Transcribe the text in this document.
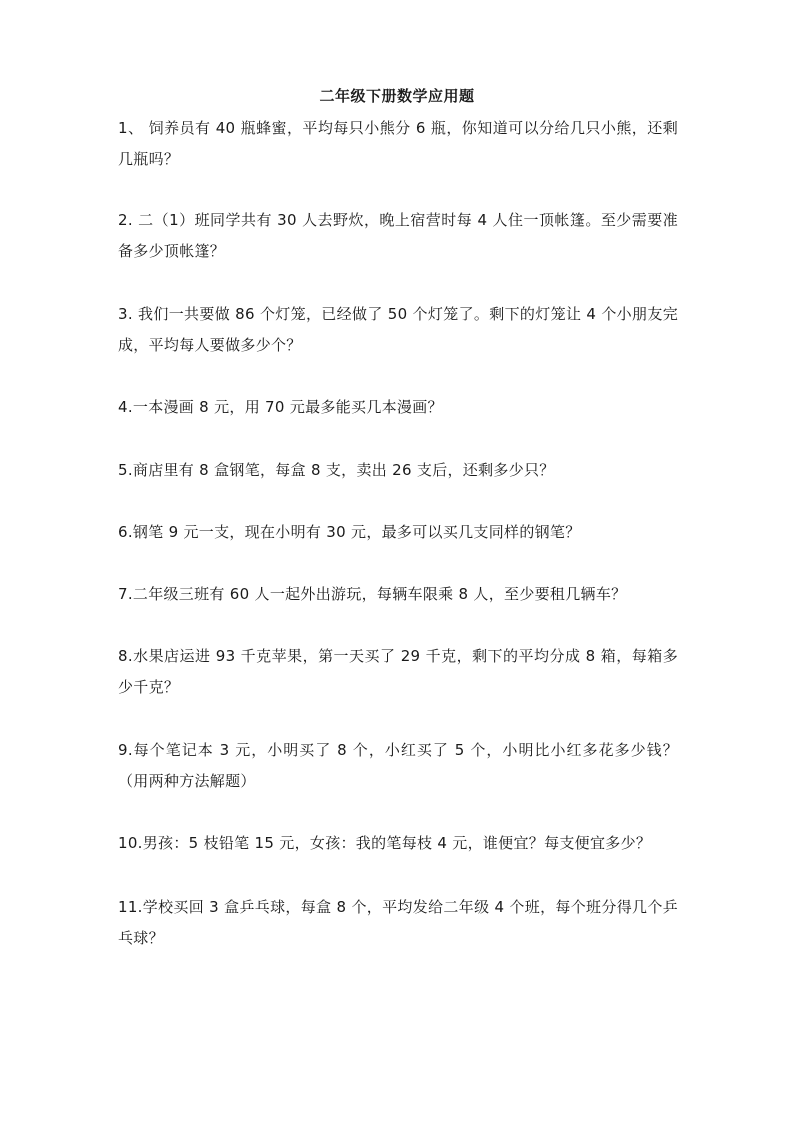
二年级下册数学应用题

1、 饲养员有 40 瓶蜂蜜，平均每只小熊分 6 瓶，你知道可以分给几只小熊，还剩几瓶吗？

2. 二（1）班同学共有 30 人去野炊，晚上宿营时每 4 人住一顶帐篷。至少需要准备多少顶帐篷？

3. 我们一共要做 86 个灯笼，已经做了 50 个灯笼了。剩下的灯笼让 4 个小朋友完成，平均每人要做多少个？

4.一本漫画 8 元，用 70 元最多能买几本漫画？

5.商店里有 8 盒钢笔，每盒 8 支，卖出 26 支后，还剩多少只？

6.钢笔 9 元一支，现在小明有 30 元，最多可以买几支同样的钢笔？

7.二年级三班有 60 人一起外出游玩，每辆车限乘 8 人，至少要租几辆车？

8.水果店运进 93 千克苹果，第一天买了 29 千克，剩下的平均分成 8 箱，每箱多少千克？

9.每个笔记本 3 元，小明买了 8 个，小红买了 5 个，小明比小红多花多少钱？（用两种方法解题）

10.男孩：5 枝铅笔 15 元，女孩：我的笔每枝 4 元，谁便宜？每支便宜多少？

11.学校买回 3 盒乒乓球，每盒 8 个，平均发给二年级 4 个班，每个班分得几个乒乓球？
